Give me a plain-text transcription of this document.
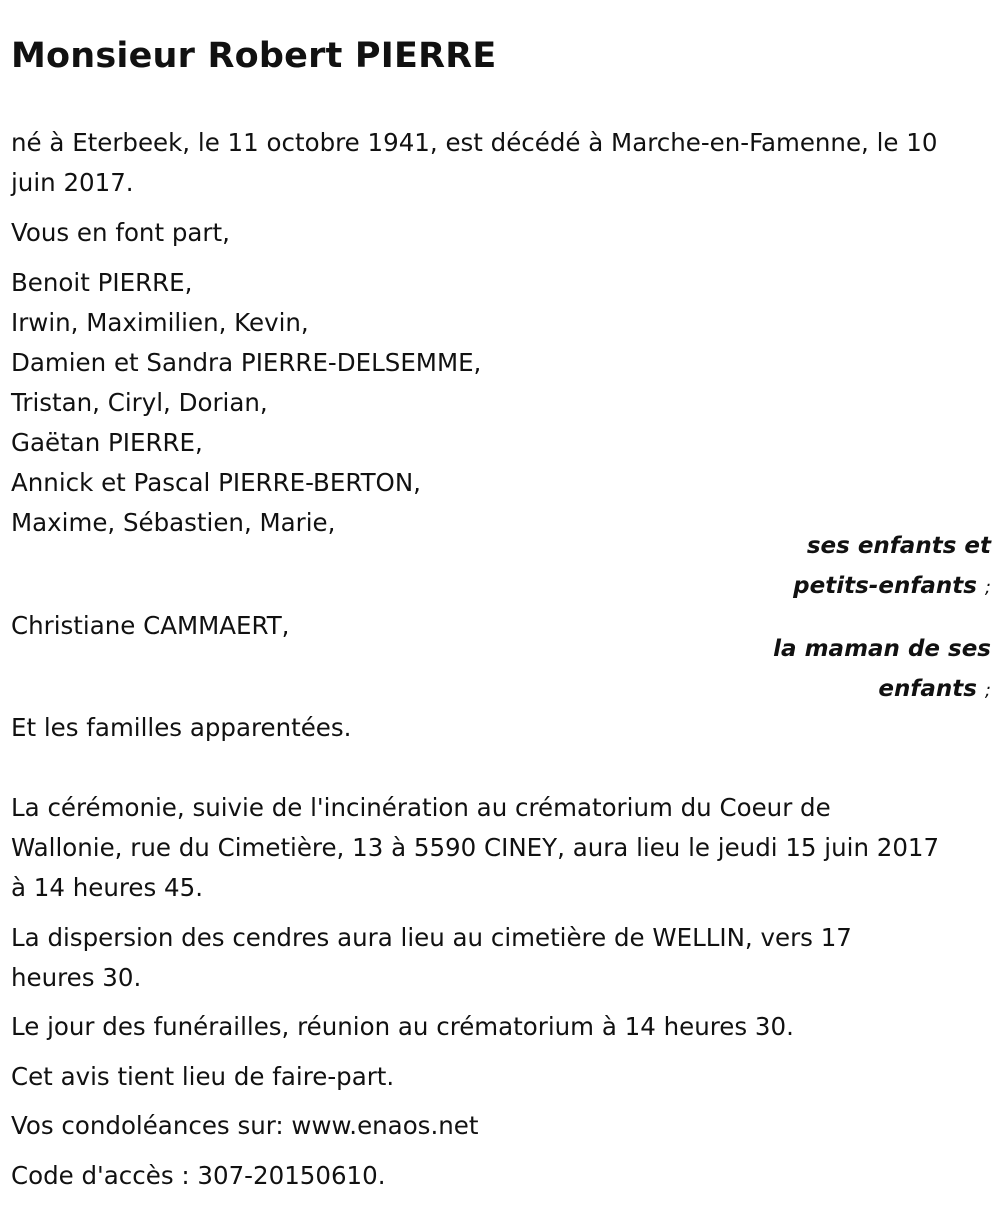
Monsieur Robert PIERRE

né à Eterbeek, le 11 octobre 1941, est décédé à Marche-en-Famenne, le 10
juin 2017.

Vous en font part,

Benoit PIERRE,
Irwin, Maximilien, Kevin,
Damien et Sandra PIERRE-DELSEMME,
Tristan, Ciryl, Dorian,
Gaëtan PIERRE,
Annick et Pascal PIERRE-BERTON,
Maxime, Sébastien, Marie,
ses enfants et
petits-enfants ;

Christiane CAMMAERT,

la maman de ses
enfants ;

Et les familles apparentées.

La cérémonie, suivie de l'incinération au crématorium du Coeur de
Wallonie, rue du Cimetière, 13 à 5590 CINEY, aura lieu le jeudi 15 juin 2017
à 14 heures 45.

La dispersion des cendres aura lieu au cimetière de WELLIN, vers 17
heures 30.

Le jour des funérailles, réunion au crématorium à 14 heures 30.

Cet avis tient lieu de faire-part.

Vos condoléances sur: www.enaos.net

Code d'accès : 307-20150610.
